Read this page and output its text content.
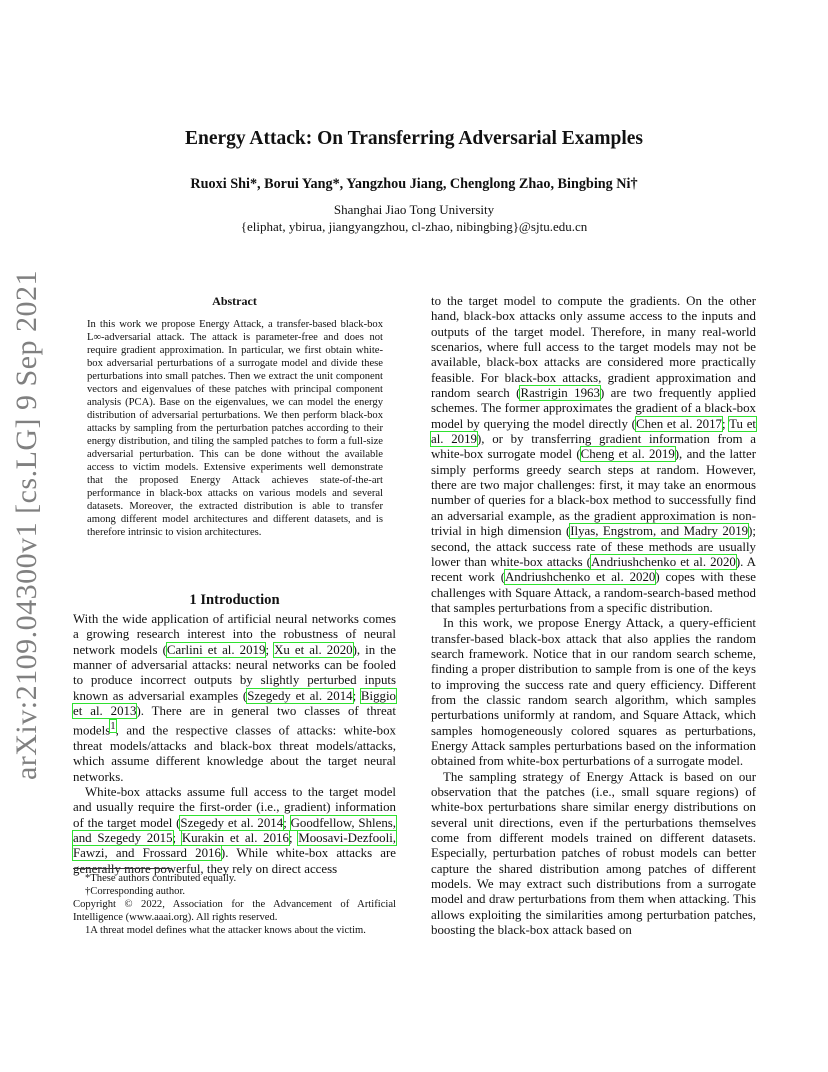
arXiv:2109.04300v1 [cs.LG] 9 Sep 2021
Energy Attack: On Transferring Adversarial Examples
Ruoxi Shi*, Borui Yang*, Yangzhou Jiang, Chenglong Zhao, Bingbing Ni†
Shanghai Jiao Tong University
{eliphat, ybirua, jiangyangzhou, cl-zhao, nibingbing}@sjtu.edu.cn
Abstract
In this work we propose Energy Attack, a transfer-based black-box L∞-adversarial attack. The attack is parameter-free and does not require gradient approximation. In particular, we first obtain white-box adversarial perturbations of a surrogate model and divide these perturbations into small patches. Then we extract the unit component vectors and eigenvalues of these patches with principal component analysis (PCA). Base on the eigenvalues, we can model the energy distribution of adversarial perturbations. We then perform black-box attacks by sampling from the perturbation patches according to their energy distribution, and tiling the sampled patches to form a full-size adversarial perturbation. This can be done without the available access to victim models. Extensive experiments well demonstrate that the proposed Energy Attack achieves state-of-the-art performance in black-box attacks on various models and several datasets. Moreover, the extracted distribution is able to transfer among different model architectures and different datasets, and is therefore intrinsic to vision architectures.
1 Introduction

With the wide application of artificial neural networks comes a growing research interest into the robustness of neural network models (Carlini et al. 2019; Xu et al. 2020), in the manner of adversarial attacks: neural networks can be fooled to produce incorrect outputs by slightly perturbed inputs known as adversarial examples (Szegedy et al. 2014; Biggio et al. 2013). There are in general two classes of threat models$^1$, and the respective classes of attacks: white-box threat models/attacks and black-box threat models/attacks, which assume different knowledge about the target neural networks.

White-box attacks assume full access to the target model and usually require the first-order (i.e., gradient) information of the target model (Szegedy et al. 2014; Goodfellow, Shlens, and Szegedy 2015; Kurakin et al. 2016; Moosavi-Dezfooli, Fawzi, and Frossard 2016). While white-box attacks are generally more powerful, they rely on direct access

*These authors contributed equally.

†Corresponding author.

Copyright © 2022, Association for the Advancement of Artificial Intelligence (www.aaai.org). All rights reserved.

1A threat model defines what the attacker knows about the victim.

to the target model to compute the gradients. On the other hand, black-box attacks only assume access to the inputs and outputs of the target model. Therefore, in many real-world scenarios, where full access to the target models may not be available, black-box attacks are considered more practically feasible. For black-box attacks, gradient approximation and random search (Rastrigin 1963) are two frequently applied schemes. The former approximates the gradient of a black-box model by querying the model directly (Chen et al. 2017; Tu et al. 2019), or by transferring gradient information from a white-box surrogate model (Cheng et al. 2019), and the latter simply performs greedy search steps at random. However, there are two major challenges: first, it may take an enormous number of queries for a black-box method to successfully find an adversarial example, as the gradient approximation is non-trivial in high dimension (Ilyas, Engstrom, and Madry 2019); second, the attack success rate of these methods are usually lower than white-box attacks (Andriushchenko et al. 2020). A recent work (Andriushchenko et al. 2020) copes with these challenges with Square Attack, a random-search-based method that samples perturbations from a specific distribution.

In this work, we propose Energy Attack, a query-efficient transfer-based black-box attack that also applies the random search framework. Notice that in our random search scheme, finding a proper distribution to sample from is one of the keys to improving the success rate and query efficiency. Different from the classic random search algorithm, which samples perturbations uniformly at random, and Square Attack, which samples homogeneously colored squares as perturbations, Energy Attack samples perturbations based on the information obtained from white-box perturbations of a surrogate model.

The sampling strategy of Energy Attack is based on our observation that the patches (i.e., small square regions) of white-box perturbations share similar energy distributions on several unit directions, even if the perturbations themselves come from different models trained on different datasets. Especially, perturbation patches of robust models can better capture the shared distribution among patches of different models. We may extract such distributions from a surrogate model and draw perturbations from them when attacking. This allows exploiting the similarities among perturbation patches, boosting the black-box attack based on
